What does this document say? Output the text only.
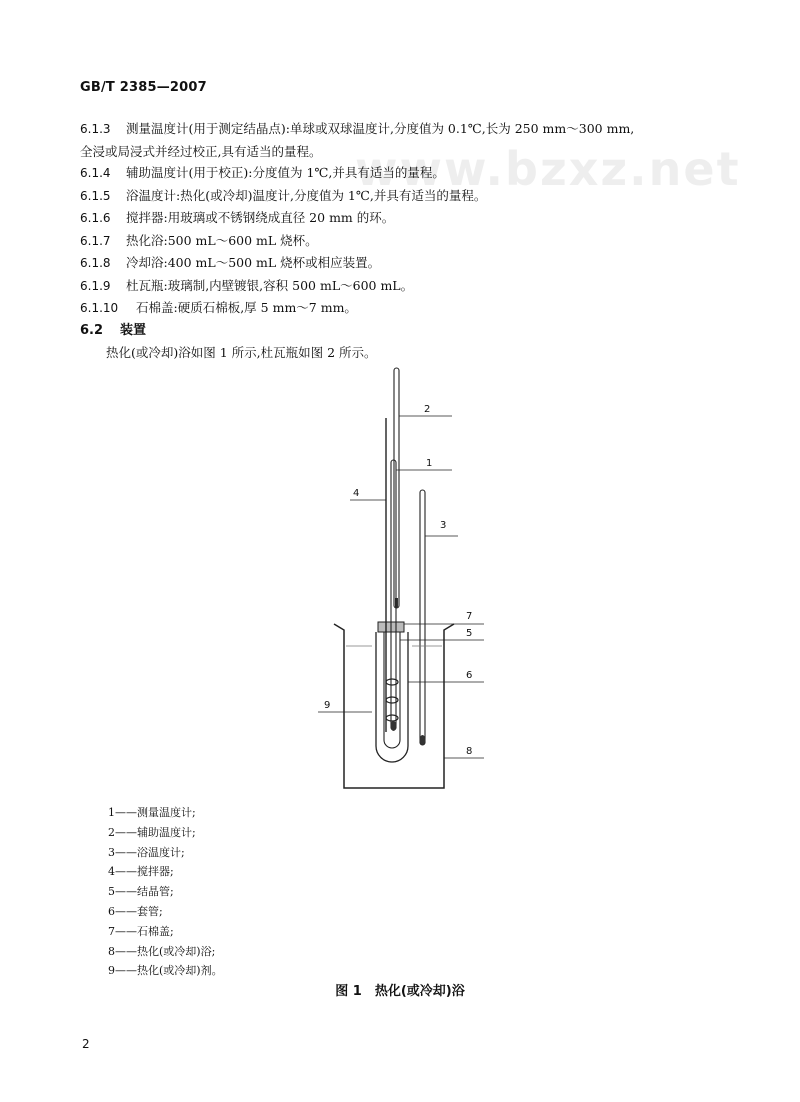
GB/T 2385—2007
www.bzxz.net
6.1.3 测量温度计(用于测定结晶点):单球或双球温度计,分度值为 0.1℃,长为 250 mm～300 mm,
全浸或局浸式并经过校正,具有适当的量程。
6.1.4 辅助温度计(用于校正):分度值为 1℃,并具有适当的量程。
6.1.5 浴温度计:热化(或冷却)温度计,分度值为 1℃,并具有适当的量程。
6.1.6 搅拌器:用玻璃或不锈钢绕成直径 20 mm 的环。
6.1.7 热化浴:500 mL～600 mL 烧杯。
6.1.8 冷却浴:400 mL～500 mL 烧杯或相应装置。
6.1.9 杜瓦瓶:玻璃制,内壁镀银,容积 500 mL～600 mL。
6.1.10 石棉盖:硬质石棉板,厚 5 mm～7 mm。
6.2 装置
热化(或冷却)浴如图 1 所示,杜瓦瓶如图 2 所示。
2
1
4
3
7
5
6
9
8
1——测量温度计;
2——辅助温度计;
3——浴温度计;
4——搅拌器;
5——结晶管;
6——套管;
7——石棉盖;
8——热化(或冷却)浴;
9——热化(或冷却)剂。
图 1　热化(或冷却)浴
2
